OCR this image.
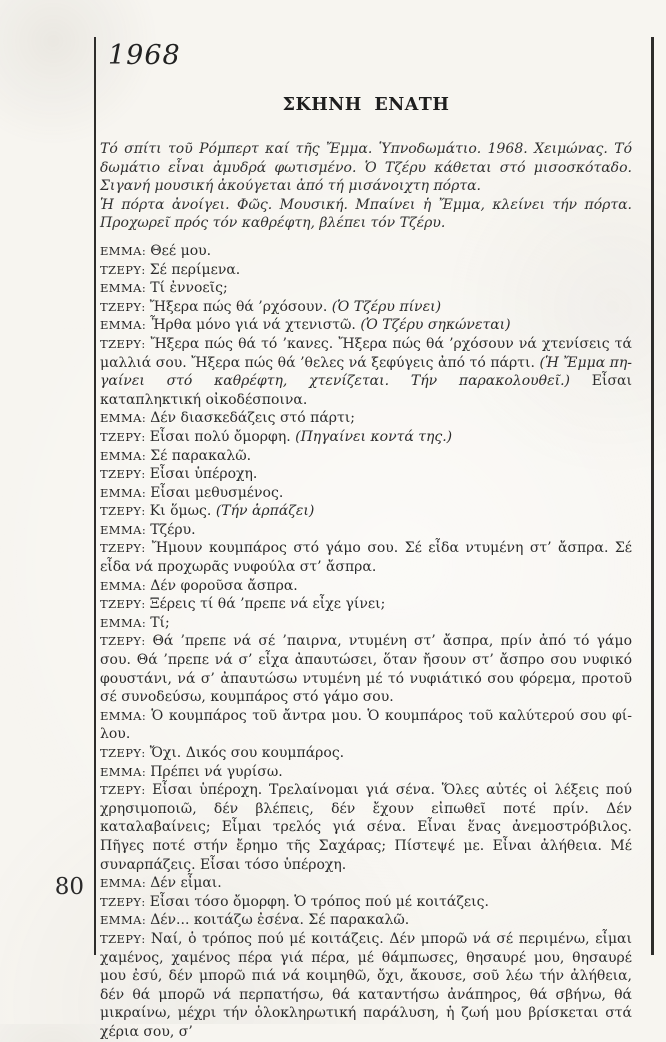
1968
ΣΚΗΝΗ ΕΝΑΤΗ

Τό σπίτι τοῦ Ρόμπερτ καί τῆς Ἔμμα. Ὑπνοδωμάτιο. 1968. Χειμώνας. Τό δωμάτιο εἶναι ἀμυδρά φωτισμένο. Ὁ Τζέρυ κάθεται στό μισοσκόταδο. Σιγανή μουσική ἀκούγεται ἀπό τή μισάνοιχτη πόρτα.

Ἡ πόρτα ἀνοίγει. Φῶς. Μουσική. Μπαίνει ἡ Ἔμμα, κλείνει τήν πόρτα. Προχωρεῖ πρός τόν καθρέφτη, βλέπει τόν Τζέρυ.

ΕΜΜΑ: Θεέ μου.

ΤΖΕΡΥ: Σέ περίμενα.

ΕΜΜΑ: Τί ἐννοεῖς;

ΤΖΕΡΥ: Ἤξερα πώς θά ’ρχόσουν. (Ὁ Τζέρυ πίνει)

ΕΜΜΑ: Ἦρθα μόνο γιά νά χτενιστῶ. (Ὁ Τζέρυ σηκώνεται)

ΤΖΕΡΥ: Ἤξερα πώς θά τό ’κανες. Ἤξερα πώς θά ’ρχόσουν νά χτενίσεις τά μαλλιά σου. Ἤξερα πώς θά ’θελες νά ξεφύγεις ἀπό τό πάρτι. (Ἡ Ἔμμα πηγαίνει στό καθρέφτη, χτενίζεται. Τήν παρακολουθεῖ.) Εἶσαι καταπληκτική οἰκοδέσποινα.

ΕΜΜΑ: Δέν διασκεδάζεις στό πάρτι;

ΤΖΕΡΥ: Εἶσαι πολύ ὄμορφη. (Πηγαίνει κοντά της.)

ΕΜΜΑ: Σέ παρακαλῶ.

ΤΖΕΡΥ: Εἶσαι ὑπέροχη.

ΕΜΜΑ: Εἶσαι μεθυσμένος.

ΤΖΕΡΥ: Κι ὅμως. (Τήν ἁρπάζει)

ΕΜΜΑ: Τζέρυ.

ΤΖΕΡΥ: Ἤμουν κουμπάρος στό γάμο σου. Σέ εἶδα ντυμένη στ’ ἄσπρα. Σέ εἶδα νά προχωρᾶς νυφούλα στ’ ἄσπρα.

ΕΜΜΑ: Δέν φοροῦσα ἄσπρα.

ΤΖΕΡΥ: Ξέρεις τί θά ’πρεπε νά εἶχε γίνει;

ΕΜΜΑ: Τί;

ΤΖΕΡΥ: Θά ’πρεπε νά σέ ’παιρνα, ντυμένη στ’ ἄσπρα, πρίν ἀπό τό γάμο σου. Θά ’πρεπε νά σ’ εἶχα ἀπαυτώσει, ὅταν ἤσουν στ’ ἄσπρο σου νυφικό φουστάνι, νά σ’ ἀπαυτώσω ντυμένη μέ τό νυφιάτικό σου φόρεμα, προτοῦ σέ συνοδεύσω, κουμπάρος στό γάμο σου.

ΕΜΜΑ: Ὁ κουμπάρος τοῦ ἄντρα μου. Ὁ κουμπάρος τοῦ καλύτερού σου φίλου.

ΤΖΕΡΥ: Ὄχι. Δικός σου κουμπάρος.

ΕΜΜΑ: Πρέπει νά γυρίσω.

ΤΖΕΡΥ: Εἶσαι ὑπέροχη. Τρελαίνομαι γιά σένα. Ὅλες αὐτές οἱ λέξεις πού χρησιμοποιῶ, δέν βλέπεις, δέν ἔχουν εἰπωθεῖ ποτέ πρίν. Δέν καταλαβαίνεις; Εἶμαι τρελός γιά σένα. Εἶναι ἕνας ἀνεμοστρόβιλος. Πῆγες ποτέ στήν ἔρημο τῆς Σαχάρας; Πίστεψέ με. Εἶναι ἀλήθεια. Μέ συναρπάζεις. Εἶσαι τόσο ὑπέροχη.

ΕΜΜΑ: Δέν εἶμαι.

ΤΖΕΡΥ: Εἶσαι τόσο ὄμορφη. Ὁ τρόπος πού μέ κοιτάζεις.

ΕΜΜΑ: Δέν... κοιτάζω ἐσένα. Σέ παρακαλῶ.

ΤΖΕΡΥ: Ναί, ὁ τρόπος πού μέ κοιτάζεις. Δέν μπορῶ νά σέ περιμένω, εἶμαι χαμένος, χαμένος πέρα γιά πέρα, μέ θάμπωσες, θησαυρέ μου, θησαυρέ μου ἐσύ, δέν μπορῶ πιά νά κοιμηθῶ, ὄχι, ἄκουσε, σοῦ λέω τήν ἀλήθεια, δέν θά μπορῶ νά περπατήσω, θά καταντήσω ἀνάπηρος, θά σβήνω, θά μικραίνω, μέχρι τήν ὁλοκληρωτική παράλυση, ἡ ζωή μου βρίσκεται στά χέρια σου, σ’

80
